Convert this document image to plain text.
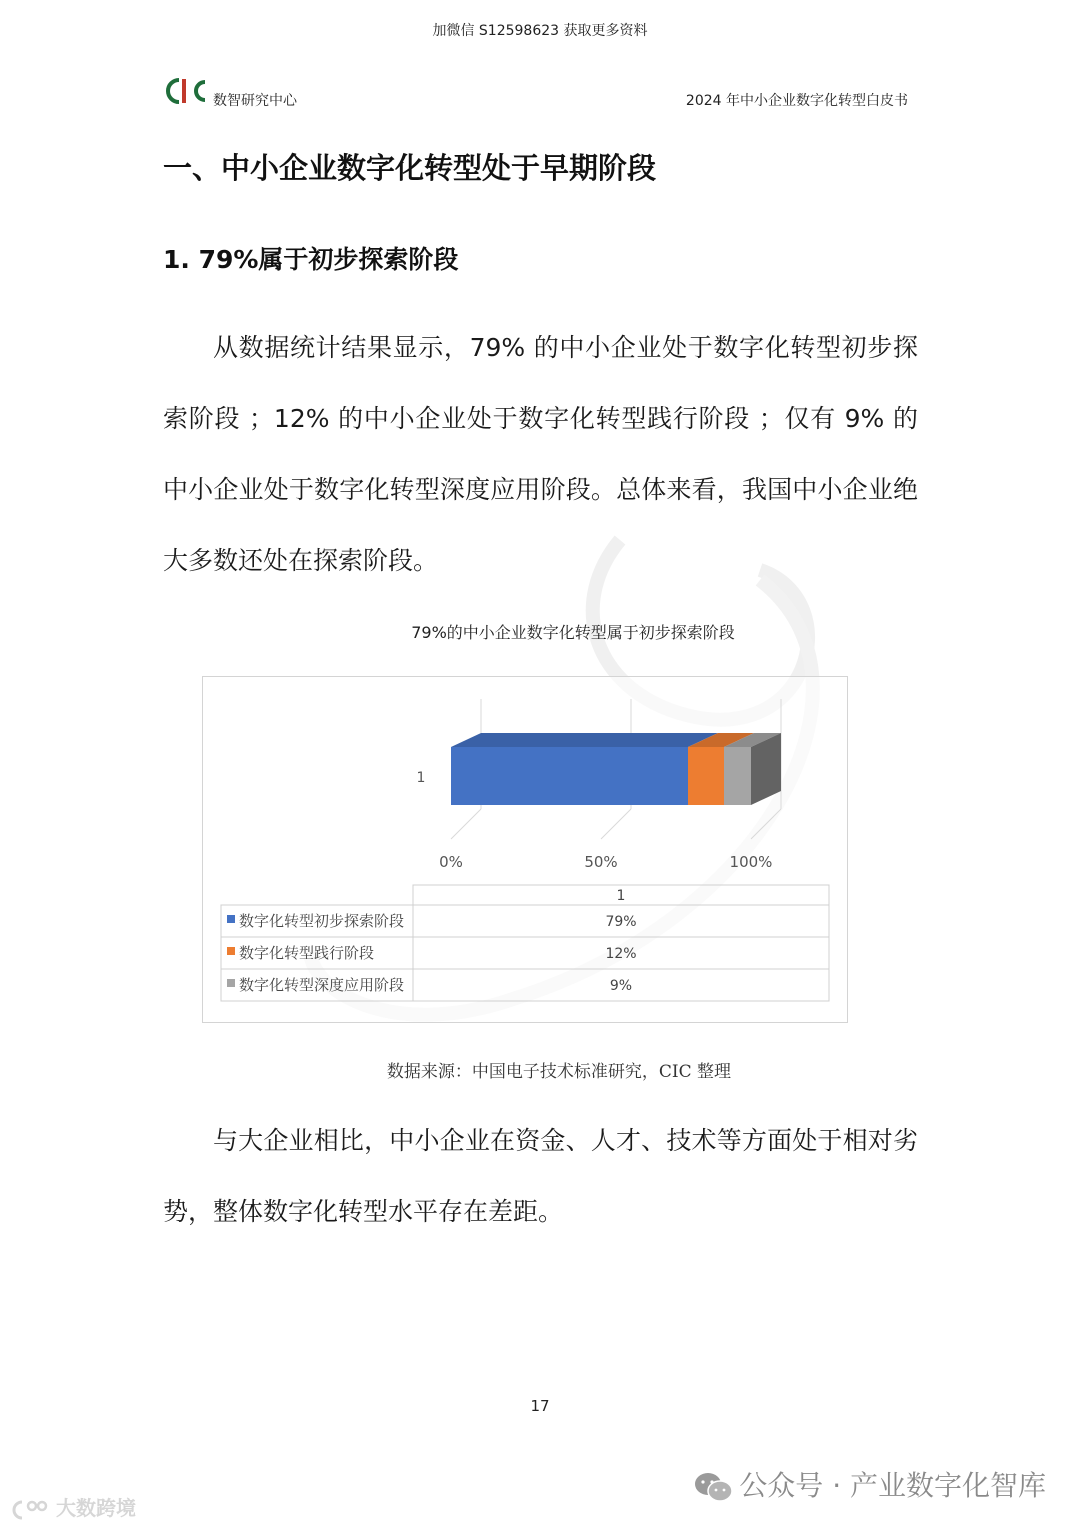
加微信 S12598623 获取更多资料
数智研究中心	2024 年中小企业数字化转型白皮书
一、中小企业数字化转型处于早期阶段
1. 79%属于初步探索阶段

从数据统计结果显示，79% 的中小企业处于数字化转型初步探索阶段 ；12% 的中小企业处于数字化转型践行阶段 ；仅有 9% 的中小企业处于数字化转型深度应用阶段。总体来看，我国中小企业绝大多数还处在探索阶段。

79%的中小企业数字化转型属于初步探索阶段
0%	50%	100%
1
1
数字化转型初步探索阶段	79%
数字化转型践行阶段	12%
数字化转型深度应用阶段	9%
数据来源：中国电子技术标准研究，CIC 整理

与大企业相比，中小企业在资金、人才、技术等方面处于相对劣势，整体数字化转型水平存在差距。

17
公众号 · 产业数字化智库
大数跨境
